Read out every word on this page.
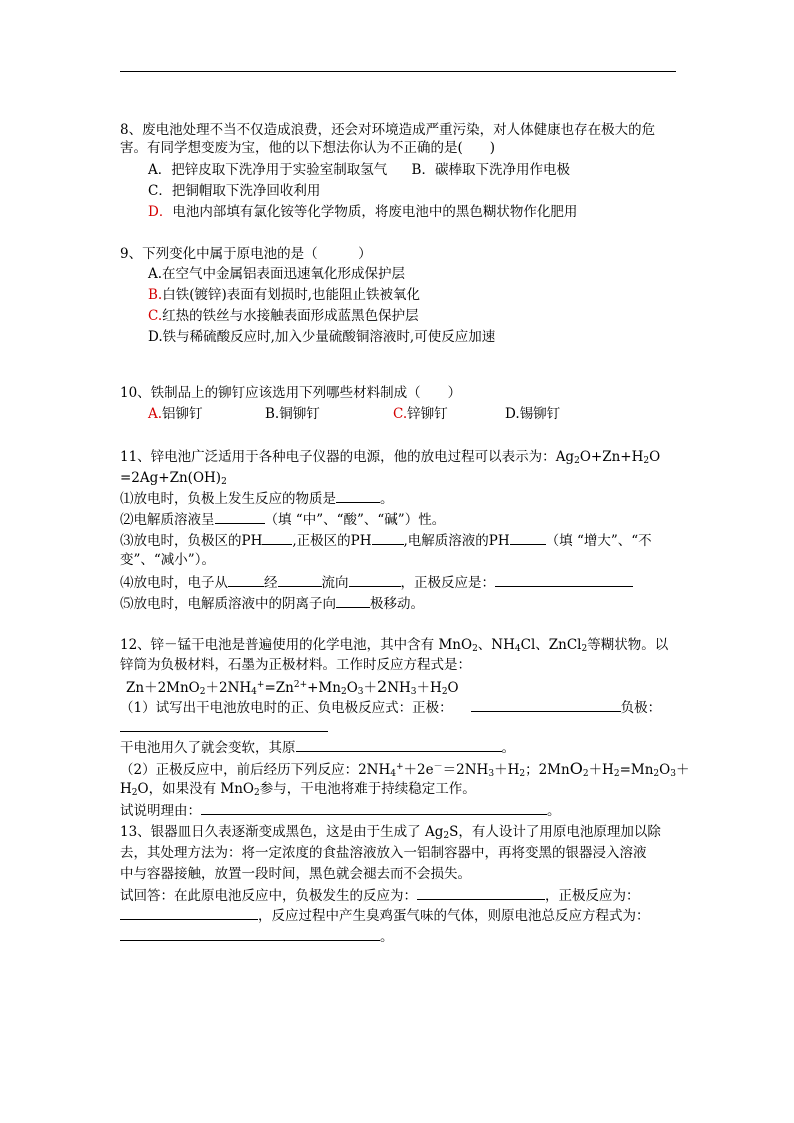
8、废电池处理不当不仅造成浪费，还会对环境造成严重污染，对人体健康也存在极大的危
害。有同学想变废为宝，他的以下想法你认为不正确的是(　　)
A．把锌皮取下洗净用于实验室制取氢气 B．碳棒取下洗净用作电极
C．把铜帽取下洗净回收利用
D．电池内部填有氯化铵等化学物质，将废电池中的黑色糊状物作化肥用
9、下列变化中属于原电池的是（　　　）
A.在空气中金属铝表面迅速氧化形成保护层
B.白铁(镀锌)表面有划损时,也能阻止铁被氧化
C.红热的铁丝与水接触表面形成蓝黑色保护层
D.铁与稀硫酸反应时,加入少量硫酸铜溶液时,可使反应加速
10、铁制品上的铆钉应该选用下列哪些材料制成（　　）
A.铝铆钉	B.铜铆钉	C.锌铆钉	D.锡铆钉
11、锌电池广泛适用于各种电子仪器的电源，他的放电过程可以表示为：$Ag_2O+Zn+H_2O$
$=2Ag+Zn(OH)_2$
⑴放电时，负极上发生反应的物质是	。
⑵电解质溶液呈	（填 “中”、“酸”、“碱”）性。
⑶放电时，负极区的PH ,正极区的PH ,电解质溶液的PH	（填 “增大”、“不
变”、“减小”）。
⑷放电时，电子从	经	流向	，正极反应是：
⑸放电时，电解质溶液中的阴离子向	极移动。
12、锌－锰干电池是普遍使用的化学电池，其中含有 MnO$_2$、$NH_4Cl$、ZnCl$_2$等糊状物。以
锌筒为负极材料，石墨为正极材料。工作时反应方程式是：
$Zn+2MnO_2+2NH_4^+=Zn^{2+}+Mn_2O_3+2NH_3+H_2O$
（1）试写出干电池放电时的正、负电极反应式：正极：	负极：
干电池用久了就会变软，其原	。
（2）正极反应中，前后经历下列反应：$2NH_4^++2e^-=2NH_3+H_2$；$2MnO_2+H_2=Mn_2O_3+$
$H_2O$，如果没有 MnO$_2$参与，干电池将难于持续稳定工作。
试说明理由：	。
13、银器皿日久表逐渐变成黑色，这是由于生成了 $Ag_2S$，有人设计了用原电池原理加以除
去，其处理方法为：将一定浓度的食盐溶液放入一铝制容器中，再将变黑的银器浸入溶液
中与容器接触，放置一段时间，黑色就会褪去而不会损失。
试回答：在此原电池反应中，负极发生的反应为：	，正极反应为：
，反应过程中产生臭鸡蛋气味的气体，则原电池总反应方程式为：
。
